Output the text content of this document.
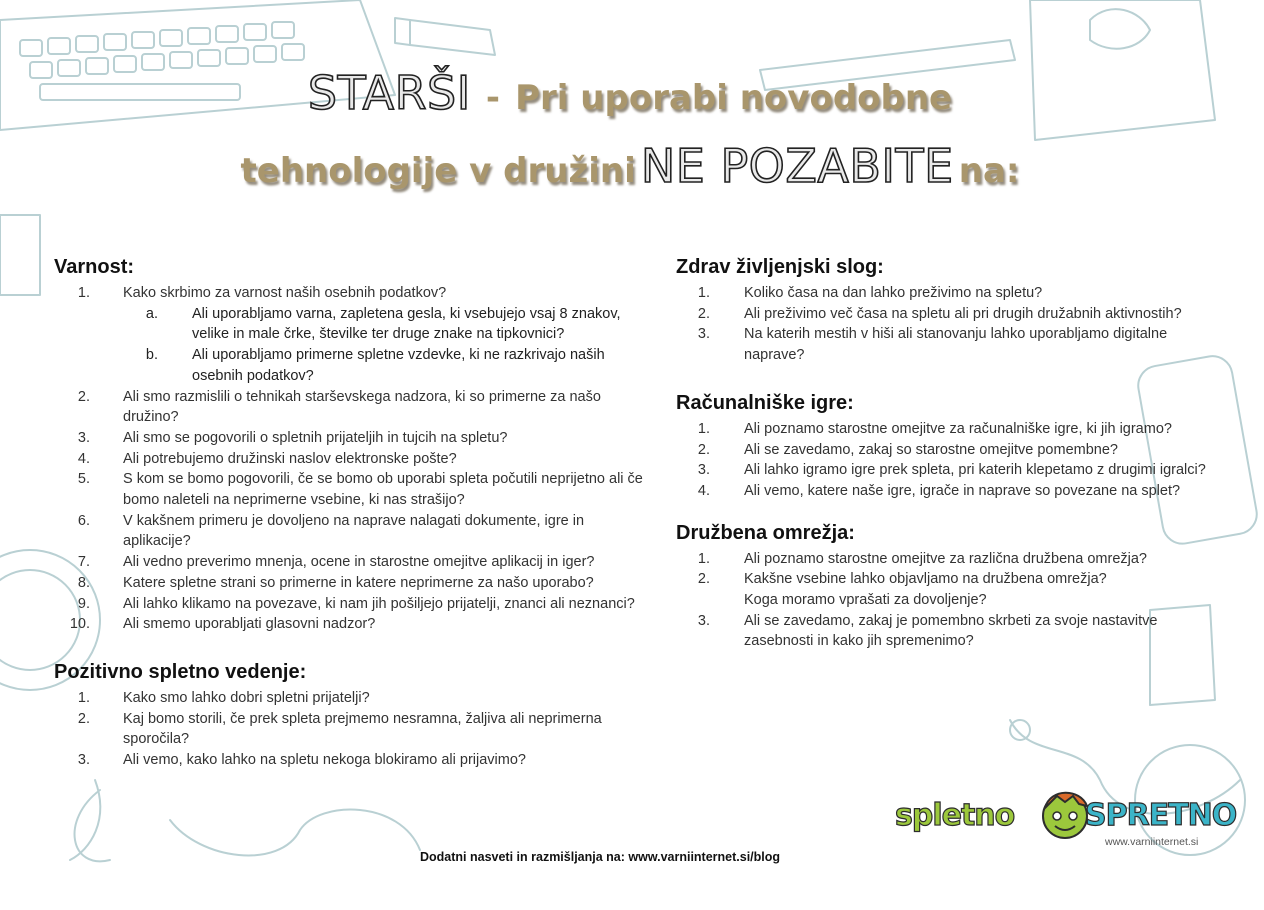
STARŠI - Pri uporabi novodobne
tehnologije v družini NE POZABITE na:
Varnost:
1. Kako skrbimo za varnost naših osebnih podatkov?
a. Ali uporabljamo varna, zapletena gesla, ki vsebujejo vsaj 8 znakov, velike in male črke, številke ter druge znake na tipkovnici?
b. Ali uporabljamo primerne spletne vzdevke, ki ne razkrivajo naših osebnih podatkov?
2. Ali smo razmislili o tehnikah starševskega nadzora, ki so primerne za našo družino?
3. Ali smo se pogovorili o spletnih prijateljih in tujcih na spletu?
4. Ali potrebujemo družinski naslov elektronske pošte?
5. S kom se bomo pogovorili, če se bomo ob uporabi spleta počutili neprijetno ali če bomo naleteli na neprimerne vsebine, ki nas strašijo?
6. V kakšnem primeru je dovoljeno na naprave nalagati dokumente, igre in aplikacije?
7. Ali vedno preverimo mnenja, ocene in starostne omejitve aplikacij in iger?
8. Katere spletne strani so primerne in katere neprimerne za našo uporabo?
9. Ali lahko klikamo na povezave, ki nam jih pošiljejo prijatelji, znanci ali neznanci?
10. Ali smemo uporabljati glasovni nadzor?
Pozitivno spletno vedenje:
1. Kako smo lahko dobri spletni prijatelji?
2. Kaj bomo storili, če prek spleta prejmemo nesramna, žaljiva ali neprimerna sporočila?
3. Ali vemo, kako lahko na spletu nekoga blokiramo ali prijavimo?
Zdrav življenjski slog:
1. Koliko časa na dan lahko preživimo na spletu?
2. Ali preživimo več časa na spletu ali pri drugih družabnih aktivnostih?
3. Na katerih mestih v hiši ali stanovanju lahko uporabljamo digitalne naprave?
Računalniške igre:
1. Ali poznamo starostne omejitve za računalniške igre, ki jih igramo?
2. Ali se zavedamo, zakaj so starostne omejitve pomembne?
3. Ali lahko igramo igre prek spleta, pri katerih klepetamo z drugimi igralci?
4. Ali vemo, katere naše igre, igrače in naprave so povezane na splet?
Družbena omrežja:
1. Ali poznamo starostne omejitve za različna družbena omrežja?
2. Kakšne vsebine lahko objavljamo na družbena omrežja?
Koga moramo vprašati za dovoljenje?
3. Ali se zavedamo, zakaj je pomembno skrbeti za svoje nastavitve zasebnosti in kako jih spremenimo?
spletno SPRETNO
www.varniinternet.si
Dodatni nasveti in razmišljanja na: www.varniinternet.si/blog
